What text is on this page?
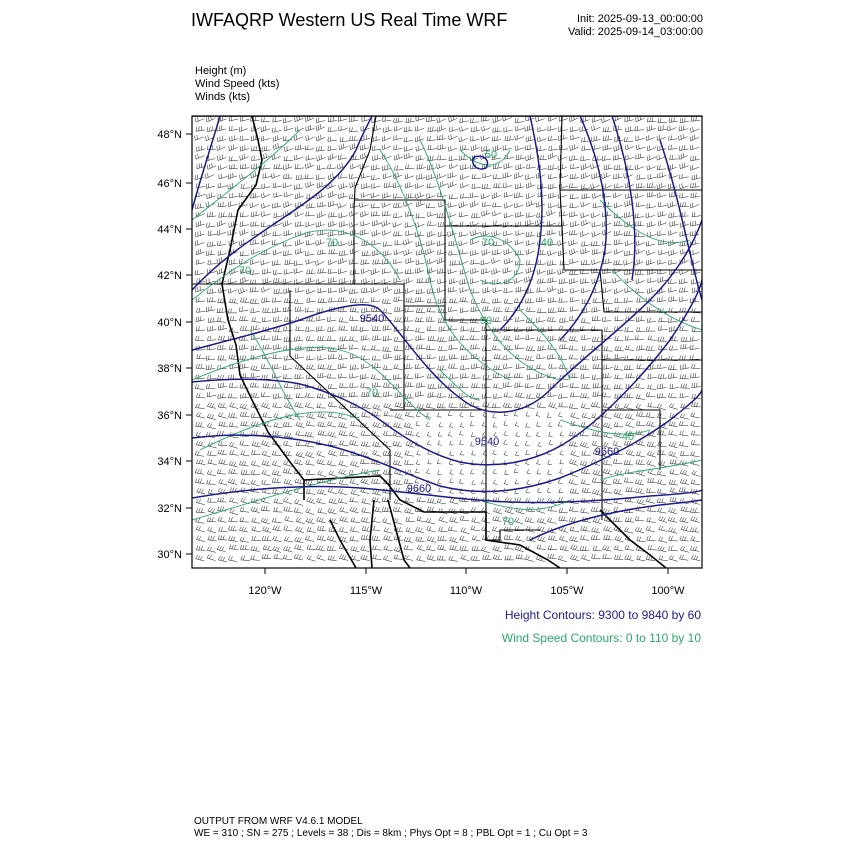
IWFAQRP Western US Real Time WRF	Init: 2025-09-13_00:00:00
Valid: 2025-09-14_03:00:00
Height (m)
Wind Speed (kts)
Winds (kts)
48°N
46°N
44°N
42°N
40°N
38°N
36°N
34°N
32°N
30°N
120°W	115°W	110°W	105°W	100°W
9540
9540
9660
9660
70
70
50
40
70
90
70
70
40
Height Contours: 9300 to 9840 by 60
Wind Speed Contours: 0 to 110 by 10
OUTPUT FROM WRF V4.6.1 MODEL
WE = 310 ; SN = 275 ; Levels = 38 ; Dis = 8km ; Phys Opt = 8 ; PBL Opt = 1 ; Cu Opt = 3
